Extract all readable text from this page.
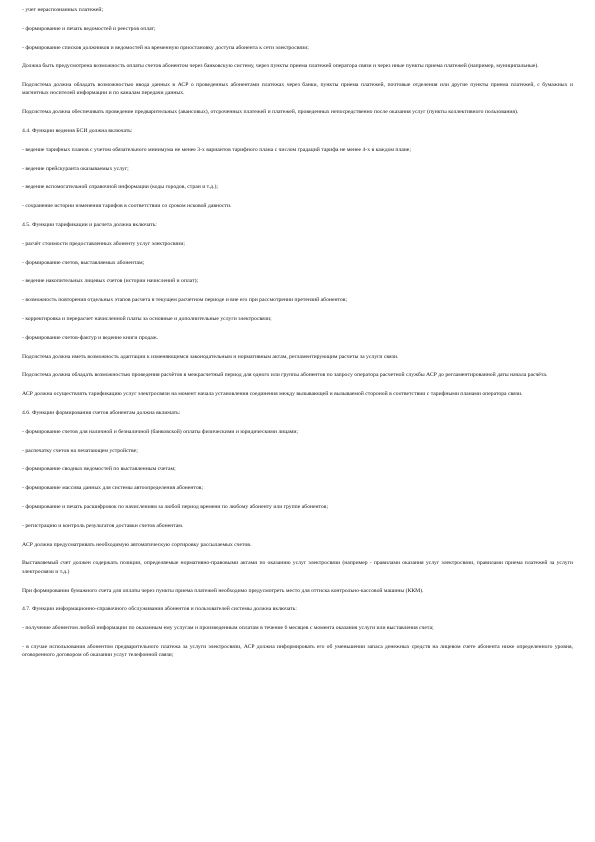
- учет нераспознанных платежей;

- формирование и печать ведомостей и реестров оплат;

- формирование списков должников и ведомостей на временную приостановку доступа абонента к сети электросвязи;

Должна быть предусмотрена возможность оплаты счетов абонентом через банковскую систему, через пункты приема платежей оператора связи и через иные пункты приема платежей (например, муниципальные).

Подсистема должна обладать возможностью ввода данных в АСР о проведенных абонентами платежах через банки, пункты приема платежей, почтовые отделения или другие пункты приема платежей, с бумажных и магнитных носителей информации и по каналам передачи данных.

Подсистема должна обеспечивать проведение предварительных (авансовых), отсроченных платежей и платежей, проведенных непосредственно после оказания услуг (пункты коллективного пользования).

4.4. Функции ведения БСИ должна включать:

- ведение тарифных планов с учетом обязательного минимума не менее 3-х вариантов тарифного плана с числом градаций тарифа не менее 4-х в каждом плане;

- ведение прейскуранта оказываемых услуг;

- ведение вспомогательной справочной информации (коды городов, стран и т.д.);

- сохранение истории изменения тарифов в соответствии со сроком исковой давности.

4.5. Функции тарификации и расчета должна включать:

- расчёт стоимости предоставленных абоненту услуг электросвязи;

- формирование счетов, выставляемых абонентам;

- ведение накопительных лицевых счетов (истории начислений и оплат);

- возможность повторения отдельных этапов расчета в текущем расчетном периоде и вне его при рассмотрении претензий абонентов;

- корректировка и перерасчет начисленной платы за основные и дополнительные услуги электросвязи;

- формирование счетов-фактур и ведение книги продаж.

Подсистема должна иметь возможность адаптации к изменяющимся законодательным и нормативным актам, регламентирующим расчеты за услуги связи.

Подсистема должна обладать возможностью проведения расчётов в межрасчетный период для одного или группы абонентов по запросу оператора расчетной службы АСР до регламентированной даты начала расчёта.

АСР должна осуществлять тарификацию услуг электросвязи на момент начала установления соединения между вызывающей и вызываемой стороной в соответствии с тарифными планами оператора связи.

4.6. Функции формирования счетов абонентам должна включать:

- формирование счетов для наличной и безналичной (банковской) оплаты физическими и юридическими лицами;

- распечатку счетов на печатающем устройстве;

- формирование сводных ведомостей по выставленным счетам;

- формирование массива данных для системы автоопределения абонентов;

- формирование и печать расшифровок по начислениям за любой период времени по любому абоненту или группе абонентов;

- регистрацию и контроль результатов доставки счетов абонентам.

АСР должна предусматривать необходимую автоматическую сортировку рассылаемых счетов.

Выставляемый счет должен содержать позиции, определяемые нормативно-правовыми актами по оказанию услуг электросвязи (например - правилами оказания услуг электросвязи, правилами приема платежей за услуги электросвязи и т.д.)

При формировании бумажного счета для оплаты через пункты приема платежей необходимо предусмотреть место для оттиска контрольно-кассовой машины (ККМ).

4.7. Функции информационно-справочного обслуживания абонентов и пользователей системы должна включать:

- получение абонентом любой информации по оказанным ему услугам и произведенным оплатам в течение 6 месяцев с момента оказания услуги или выставления счета;

- в случае использования абонентом предварительного платежа за услуги электросвязи, АСР должна информировать его об уменьшении запаса денежных средств на лицевом счете абонента ниже определенного уровня, оговоренного договором об оказании услуг телефонной связи;
